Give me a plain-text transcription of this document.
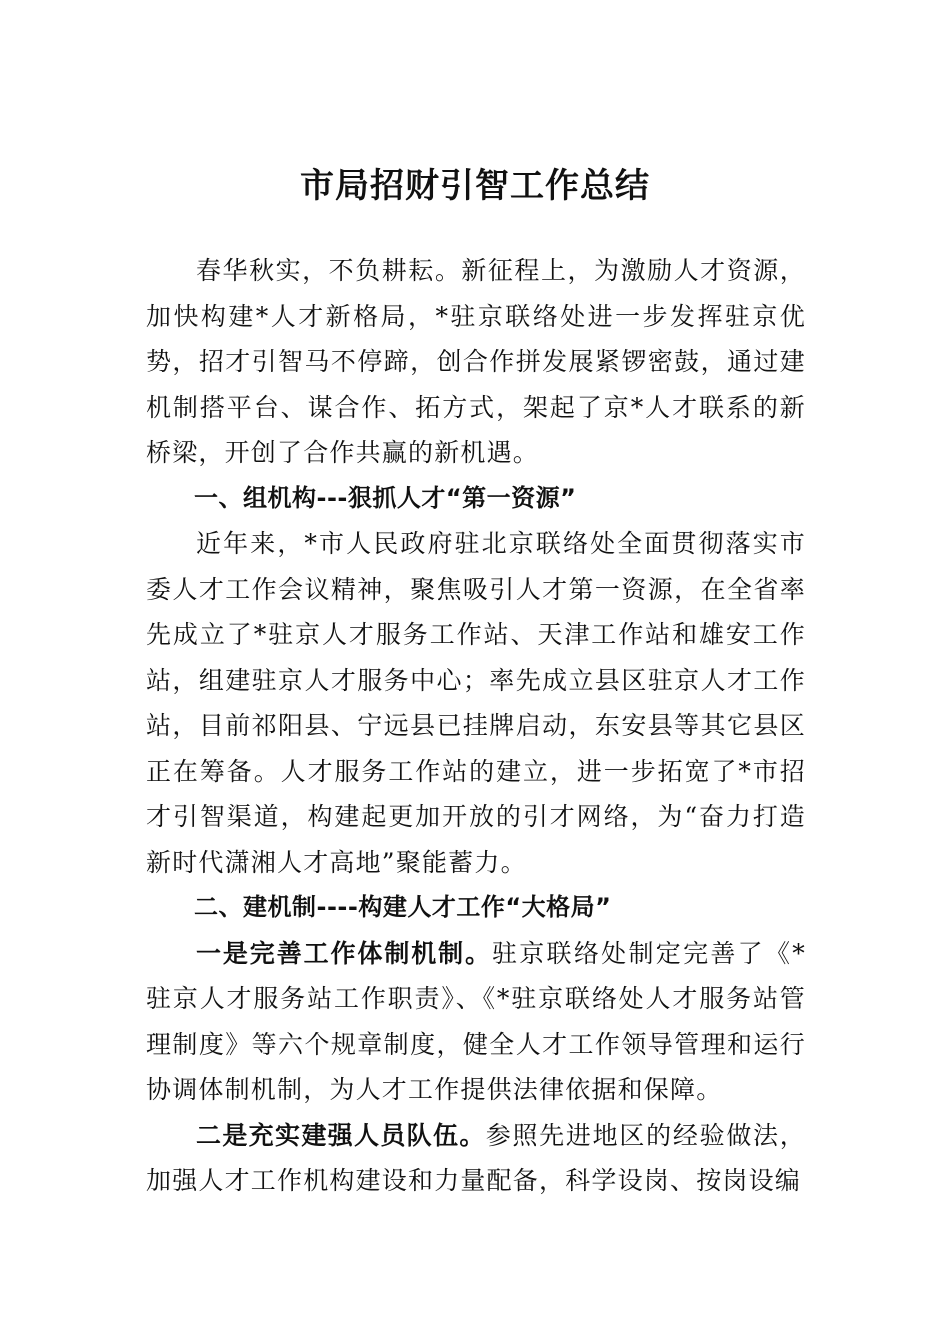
市局招财引智工作总结

春华秋实，不负耕耘。新征程上，为激励人才资源，加快构建*人才新格局，*驻京联络处进一步发挥驻京优势，招才引智马不停蹄，创合作拼发展紧锣密鼓，通过建机制搭平台、谋合作、拓方式，架起了京*人才联系的新桥梁，开创了合作共赢的新机遇。

一、组机构---狠抓人才“第一资源”

近年来，*市人民政府驻北京联络处全面贯彻落实市委人才工作会议精神，聚焦吸引人才第一资源，在全省率先成立了*驻京人才服务工作站、天津工作站和雄安工作站，组建驻京人才服务中心；率先成立县区驻京人才工作站，目前祁阳县、宁远县已挂牌启动，东安县等其它县区正在筹备。人才服务工作站的建立，进一步拓宽了*市招才引智渠道，构建起更加开放的引才网络，为“奋力打造新时代潇湘人才高地”聚能蓄力。

二、建机制----构建人才工作“大格局”

一是完善工作体制机制。驻京联络处制定完善了《*驻京人才服务站工作职责》、《*驻京联络处人才服务站管理制度》等六个规章制度，健全人才工作领导管理和运行协调体制机制，为人才工作提供法律依据和保障。

二是充实建强人员队伍。参照先进地区的经验做法，加强人才工作机构建设和力量配备，科学设岗、按岗设编
